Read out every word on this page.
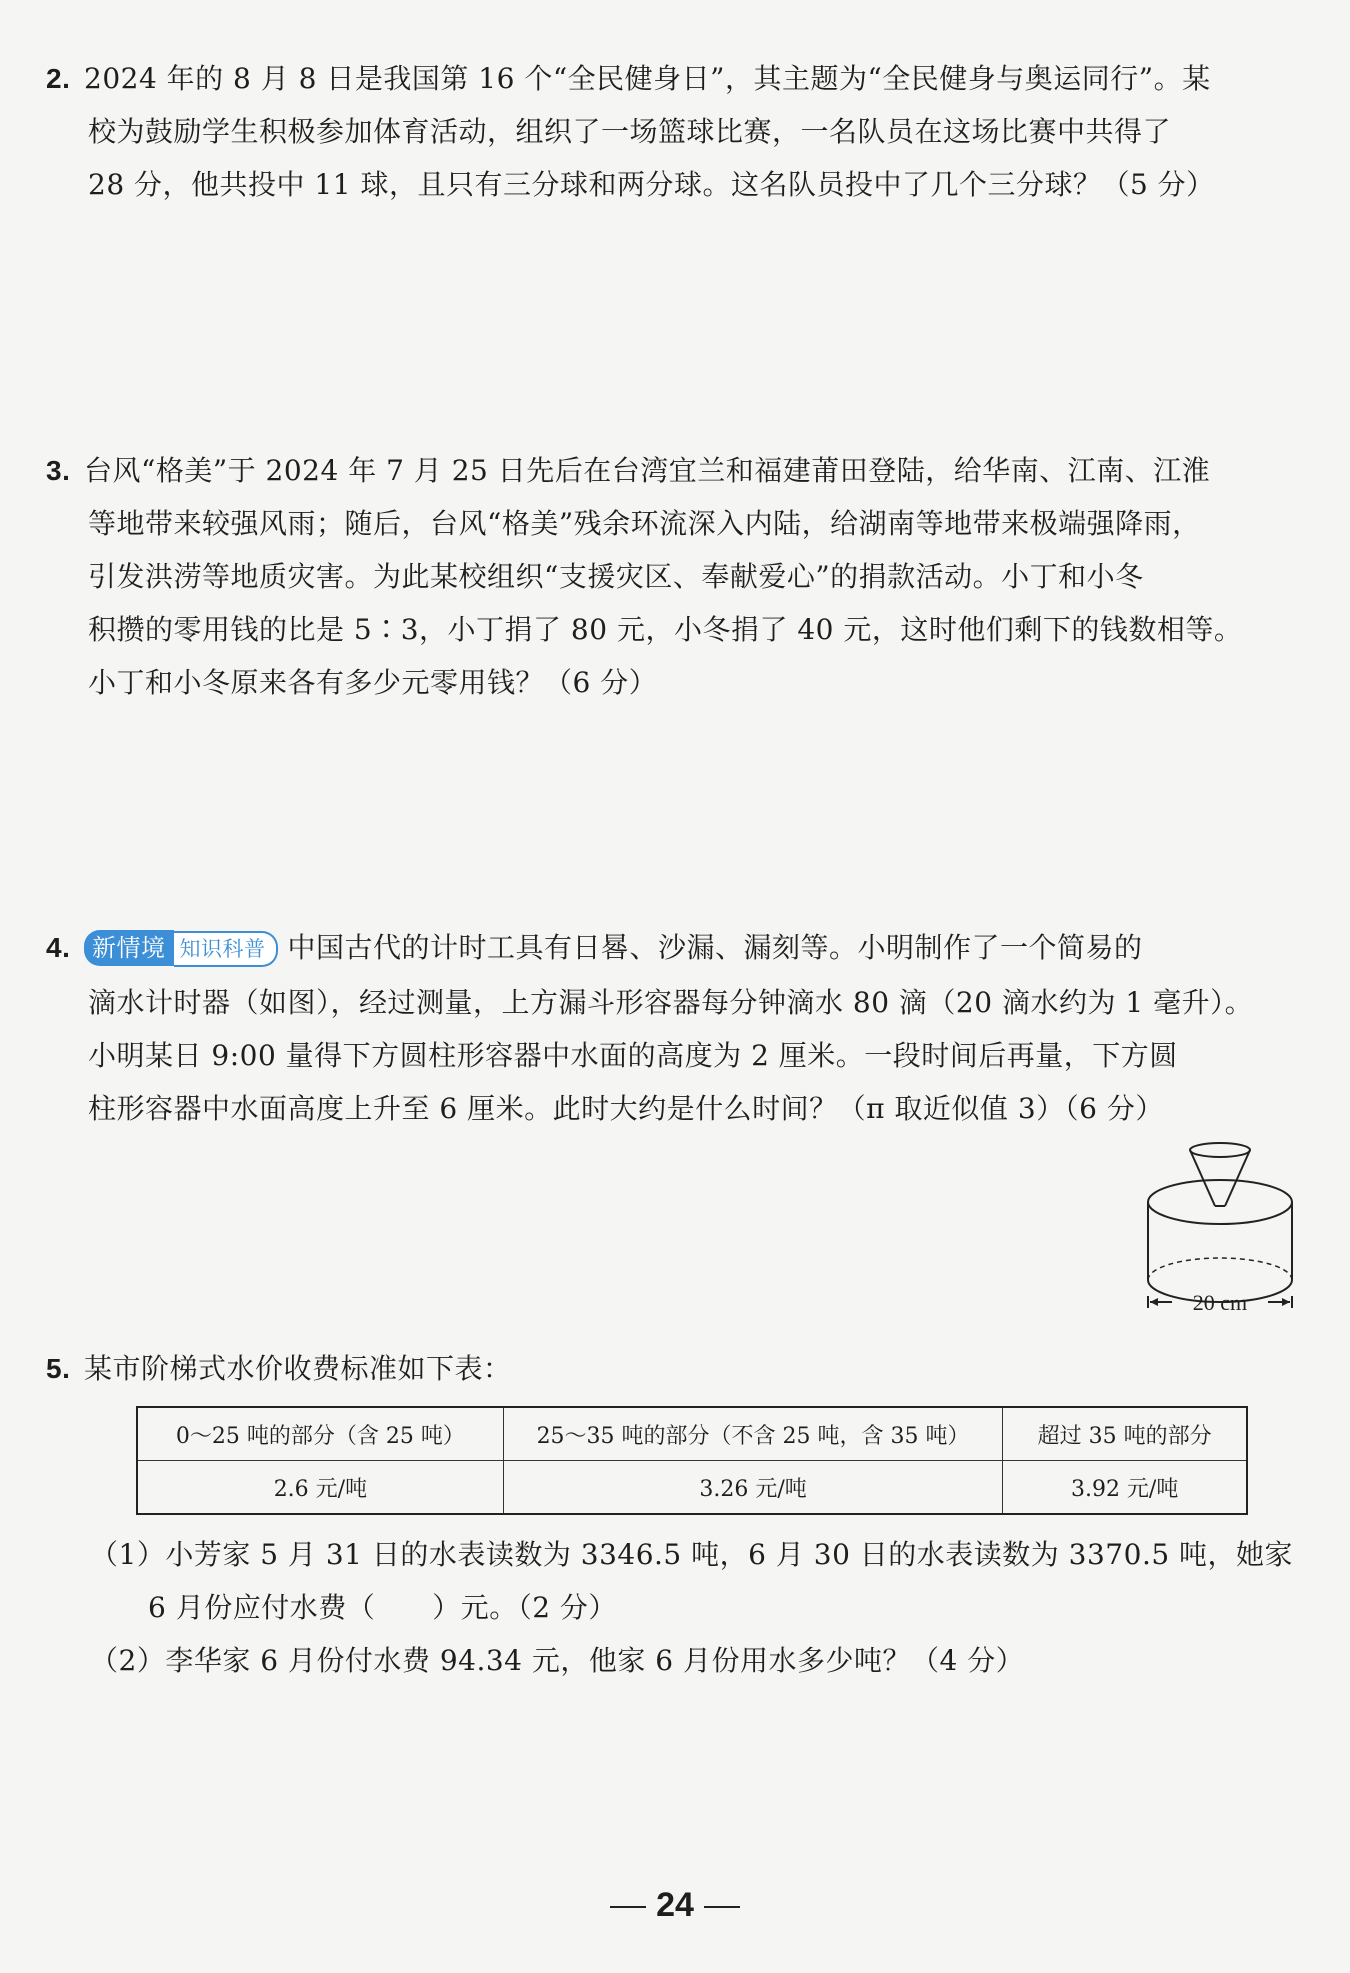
2. 2024 年的 8 月 8 日是我国第 16 个“全民健身日”，其主题为“全民健身与奥运同行”。某
校为鼓励学生积极参加体育活动，组织了一场篮球比赛，一名队员在这场比赛中共得了
28 分，他共投中 11 球，且只有三分球和两分球。这名队员投中了几个三分球？（5 分）
3. 台风“格美”于 2024 年 7 月 25 日先后在台湾宜兰和福建莆田登陆，给华南、江南、江淮
等地带来较强风雨；随后，台风“格美”残余环流深入内陆，给湖南等地带来极端强降雨，
引发洪涝等地质灾害。为此某校组织“支援灾区、奉献爱心”的捐款活动。小丁和小冬
积攒的零用钱的比是 5∶3，小丁捐了 80 元，小冬捐了 40 元，这时他们剩下的钱数相等。
小丁和小冬原来各有多少元零用钱？（6 分）
4. 新情境 知识科普 中国古代的计时工具有日晷、沙漏、漏刻等。小明制作了一个简易的
滴水计时器（如图），经过测量，上方漏斗形容器每分钟滴水 80 滴（20 滴水约为 1 毫升）。
小明某日 9:00 量得下方圆柱形容器中水面的高度为 2 厘米。一段时间后再量，下方圆
柱形容器中水面高度上升至 6 厘米。此时大约是什么时间？（π 取近似值 3）（6 分）
20 cm
5. 某市阶梯式水价收费标准如下表：
0～25 吨的部分（含 25 吨）	25～35 吨的部分（不含 25 吨，含 35 吨）	超过 35 吨的部分
2.6 元/吨	3.26 元/吨	3.92 元/吨
（1）小芳家 5 月 31 日的水表读数为 3346.5 吨，6 月 30 日的水表读数为 3370.5 吨，她家
6 月份应付水费（　　）元。（2 分）
（2）李华家 6 月份付水费 94.34 元，他家 6 月份用水多少吨？（4 分）
24
